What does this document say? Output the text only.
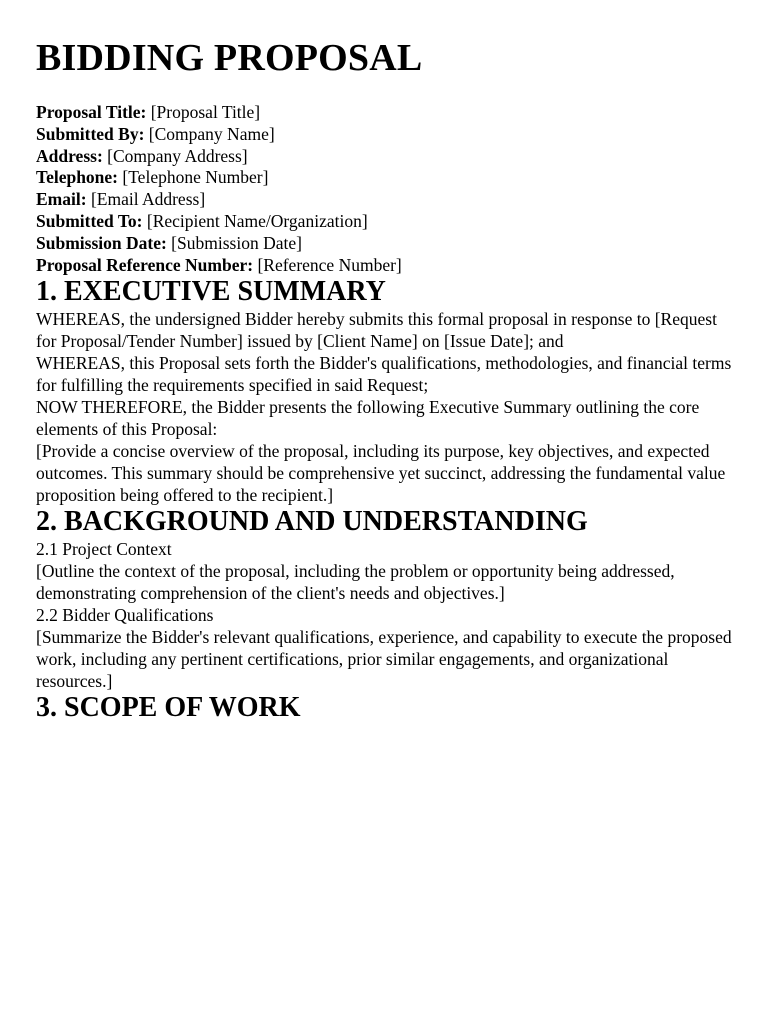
BIDDING PROPOSAL
Proposal Title: [Proposal Title]
Submitted By: [Company Name]
Address: [Company Address]
Telephone: [Telephone Number]
Email: [Email Address]
Submitted To: [Recipient Name/Organization]
Submission Date: [Submission Date]
Proposal Reference Number: [Reference Number]
1. EXECUTIVE SUMMARY

WHEREAS, the undersigned Bidder hereby submits this formal proposal in response to [Request for Proposal/Tender Number] issued by [Client Name] on [Issue Date]; and

WHEREAS, this Proposal sets forth the Bidder's qualifications, methodologies, and financial terms for fulfilling the requirements specified in said Request;

NOW THEREFORE, the Bidder presents the following Executive Summary outlining the core elements of this Proposal:

[Provide a concise overview of the proposal, including its purpose, key objectives, and expected outcomes. This summary should be comprehensive yet succinct, addressing the fundamental value proposition being offered to the recipient.]

2. BACKGROUND AND UNDERSTANDING

2.1 Project Context

[Outline the context of the proposal, including the problem or opportunity being addressed, demonstrating comprehension of the client's needs and objectives.]

2.2 Bidder Qualifications

[Summarize the Bidder's relevant qualifications, experience, and capability to execute the proposed work, including any pertinent certifications, prior similar engagements, and organizational resources.]

3. SCOPE OF WORK
